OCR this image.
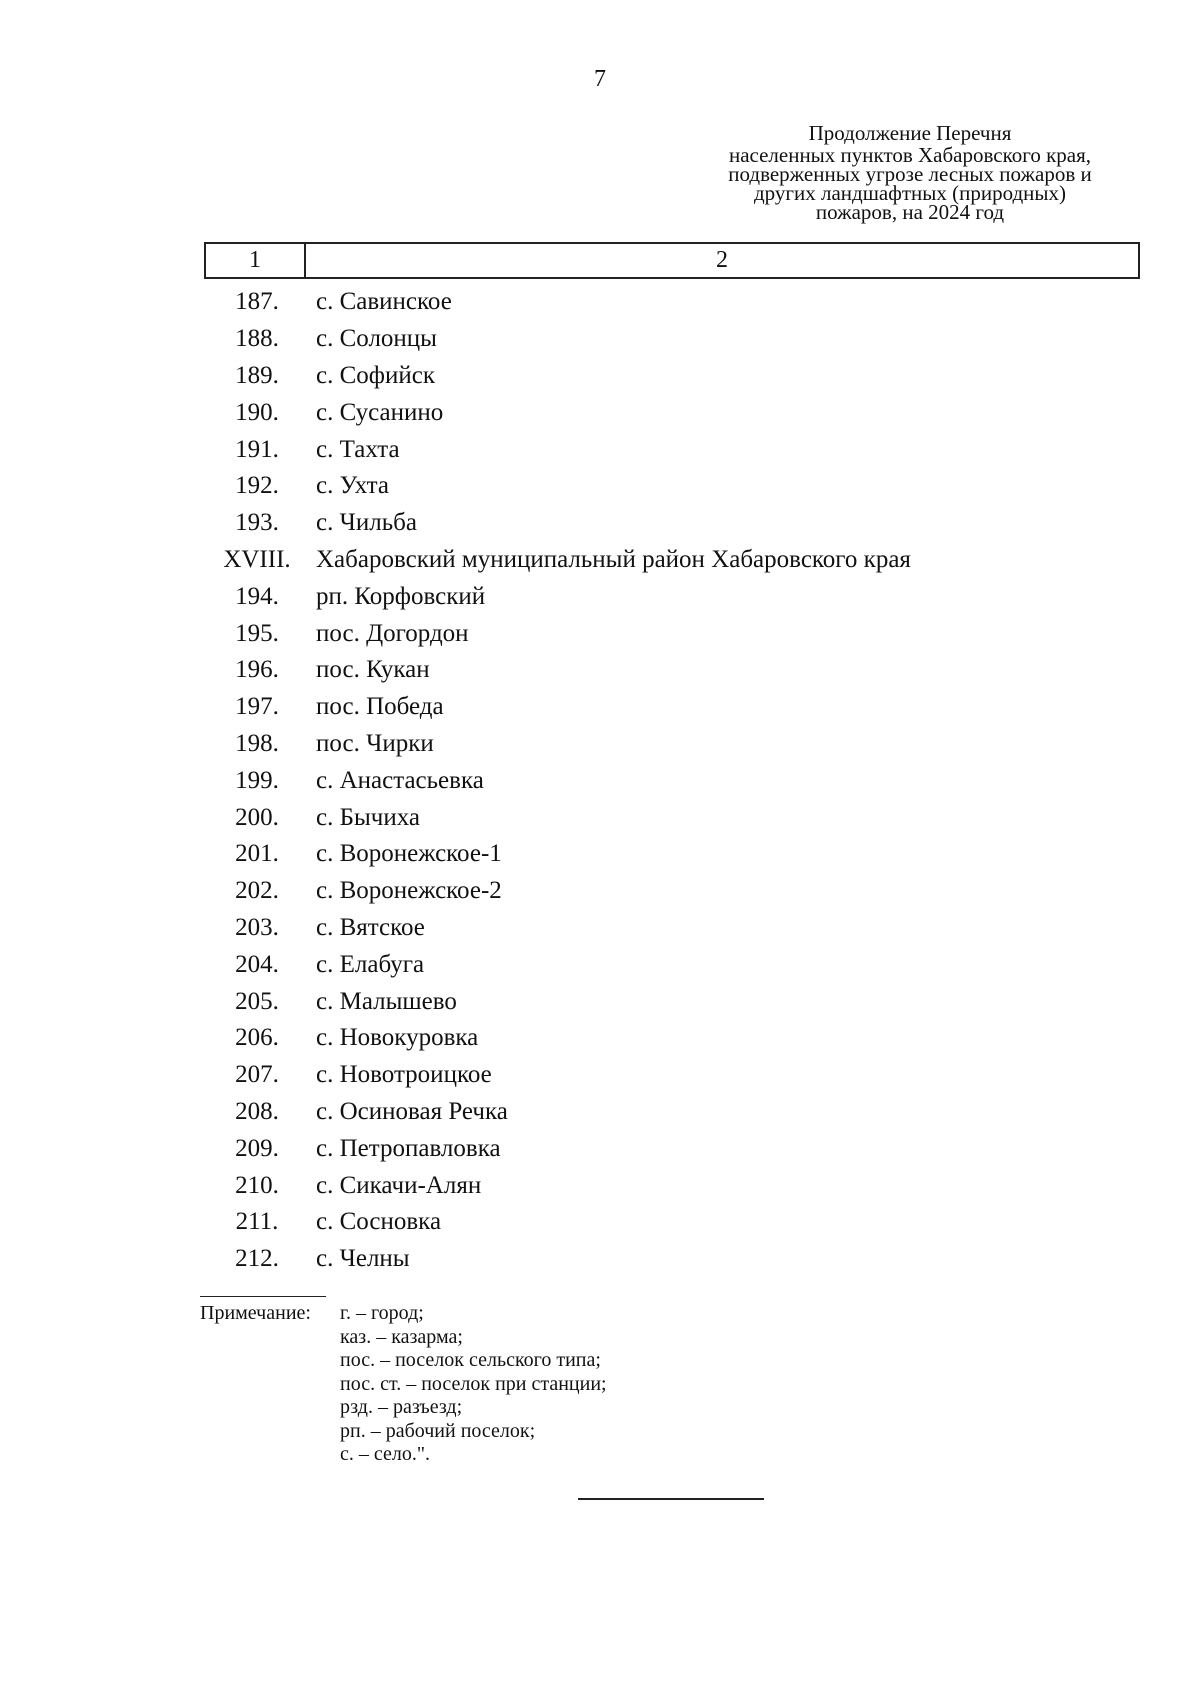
7
Продолжение Перечня
населенных пунктов Хабаровского края,
подверженных угрозе лесных пожаров и
других ландшафтных (природных)
пожаров, на 2024 год
1	2
187.	с. Савинское
188.	с. Солонцы
189.	с. Софийск
190.	с. Сусанино
191.	с. Тахта
192.	с. Ухта
193.	с. Чильба
XVIII.	Хабаровский муниципальный район Хабаровского края
194.	рп. Корфовский
195.	пос. Догордон
196.	пос. Кукан
197.	пос. Победа
198.	пос. Чирки
199.	с. Анастасьевка
200.	с. Бычиха
201.	с. Воронежское-1
202.	с. Воронежское-2
203.	с. Вятское
204.	с. Елабуга
205.	с. Малышево
206.	с. Новокуровка
207.	с. Новотроицкое
208.	с. Осиновая Речка
209.	с. Петропавловка
210.	с. Сикачи-Алян
211.	с. Сосновка
212.	с. Челны
Примечание: г. – город;
каз. – казарма;
пос. – поселок сельского типа;
пос. ст. – поселок при станции;
рзд. – разъезд;
рп. – рабочий поселок;
с. – село.".
